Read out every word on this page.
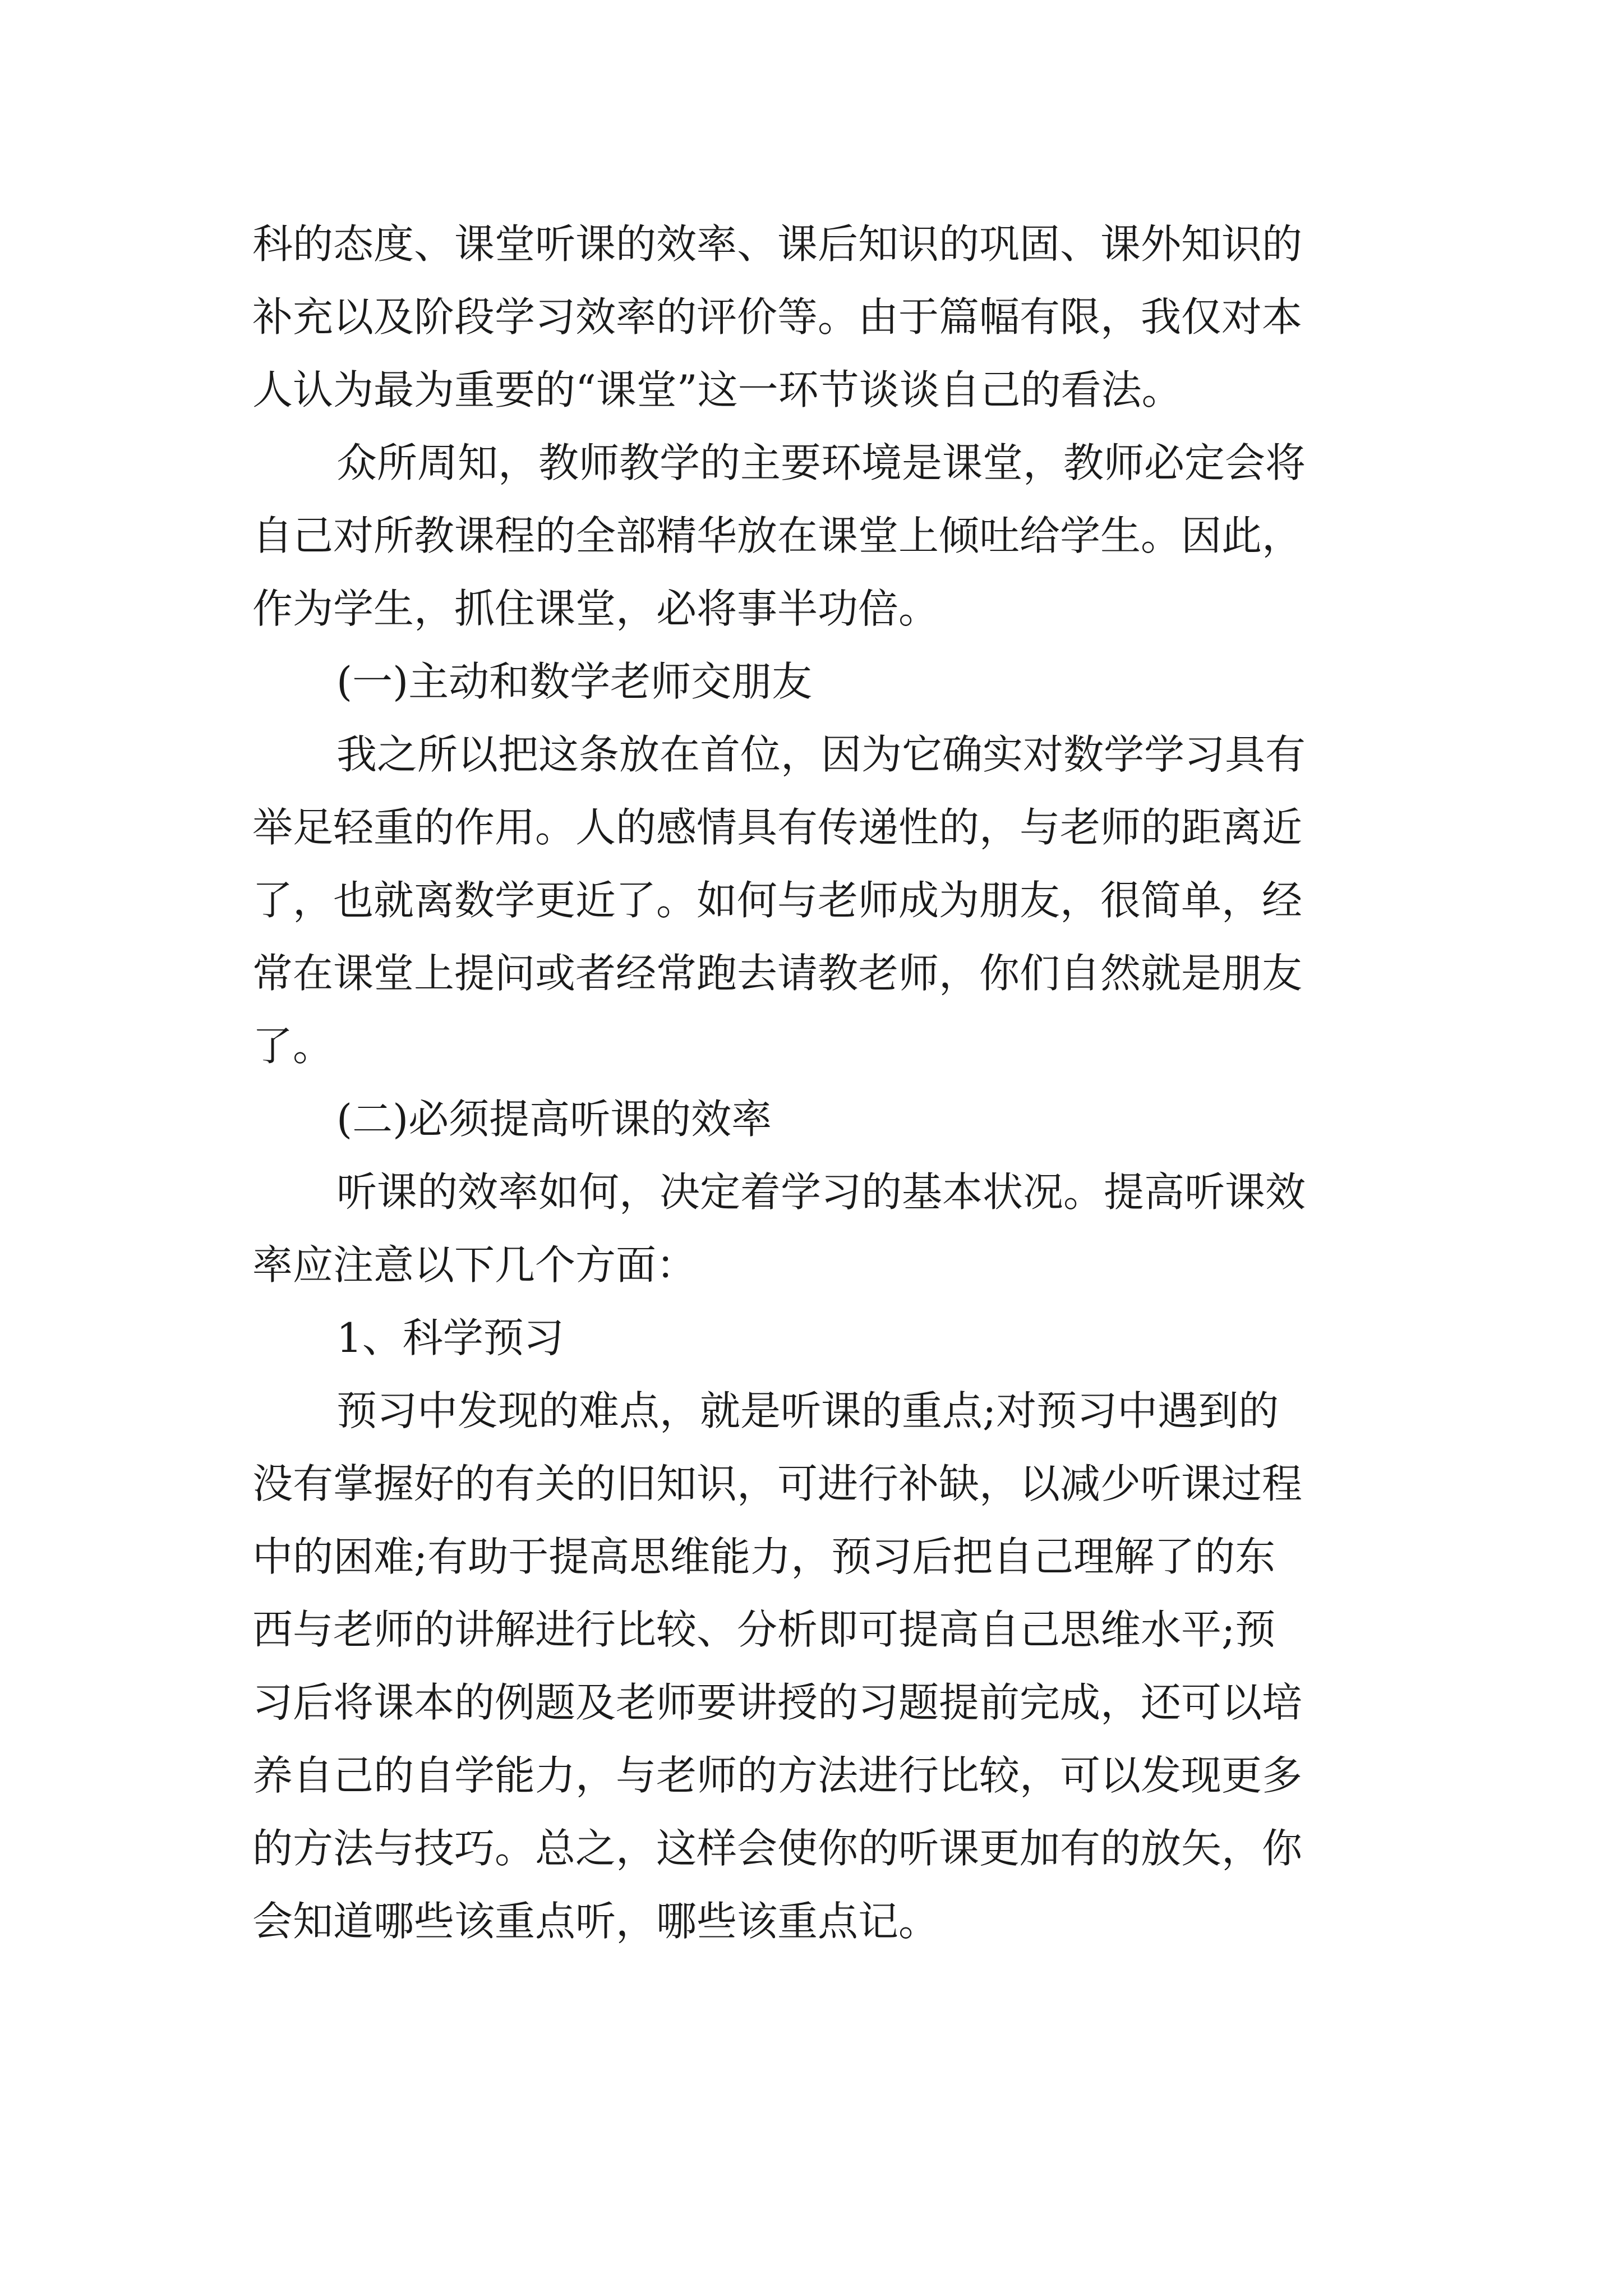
科的态度、课堂听课的效率、课后知识的巩固、课外知识的
补充以及阶段学习效率的评价等。由于篇幅有限，我仅对本
人认为最为重要的“课堂”这一环节谈谈自己的看法。
众所周知，教师教学的主要环境是课堂，教师必定会将
自己对所教课程的全部精华放在课堂上倾吐给学生。因此，
作为学生，抓住课堂，必将事半功倍。
(一)主动和数学老师交朋友
我之所以把这条放在首位，因为它确实对数学学习具有
举足轻重的作用。人的感情具有传递性的，与老师的距离近
了，也就离数学更近了。如何与老师成为朋友，很简单，经
常在课堂上提问或者经常跑去请教老师，你们自然就是朋友
了。
(二)必须提高听课的效率
听课的效率如何，决定着学习的基本状况。提高听课效
率应注意以下几个方面：
1、科学预习
预习中发现的难点，就是听课的重点;对预习中遇到的
没有掌握好的有关的旧知识，可进行补缺，以减少听课过程
中的困难;有助于提高思维能力，预习后把自己理解了的东
西与老师的讲解进行比较、分析即可提高自己思维水平;预
习后将课本的例题及老师要讲授的习题提前完成，还可以培
养自己的自学能力，与老师的方法进行比较，可以发现更多
的方法与技巧。总之，这样会使你的听课更加有的放矢，你
会知道哪些该重点听，哪些该重点记。
